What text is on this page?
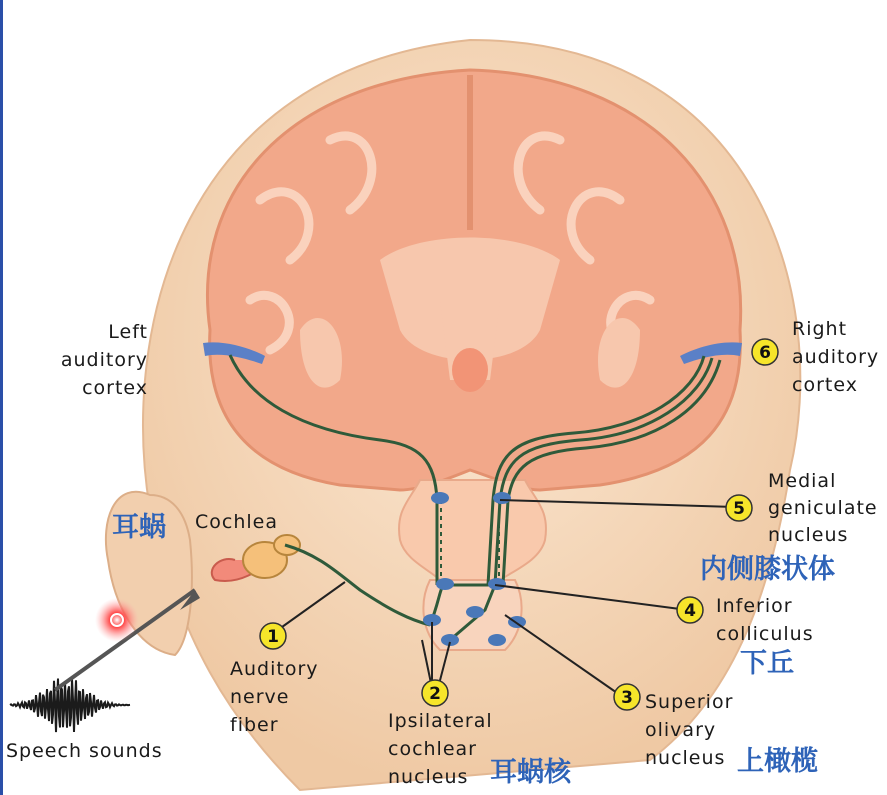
1
2	3
4
5
6
Left
auditory
cortex
Right
auditory
cortex
Cochlea
Medial
geniculate
nucleus
Inferior
colliculus
Superior
olivary
nucleus
Ipsilateral
cochlear
nucleus
Auditory
nerve
fiber
Speech sounds
耳蜗
内侧膝状体
下丘
上橄榄
耳蜗核
